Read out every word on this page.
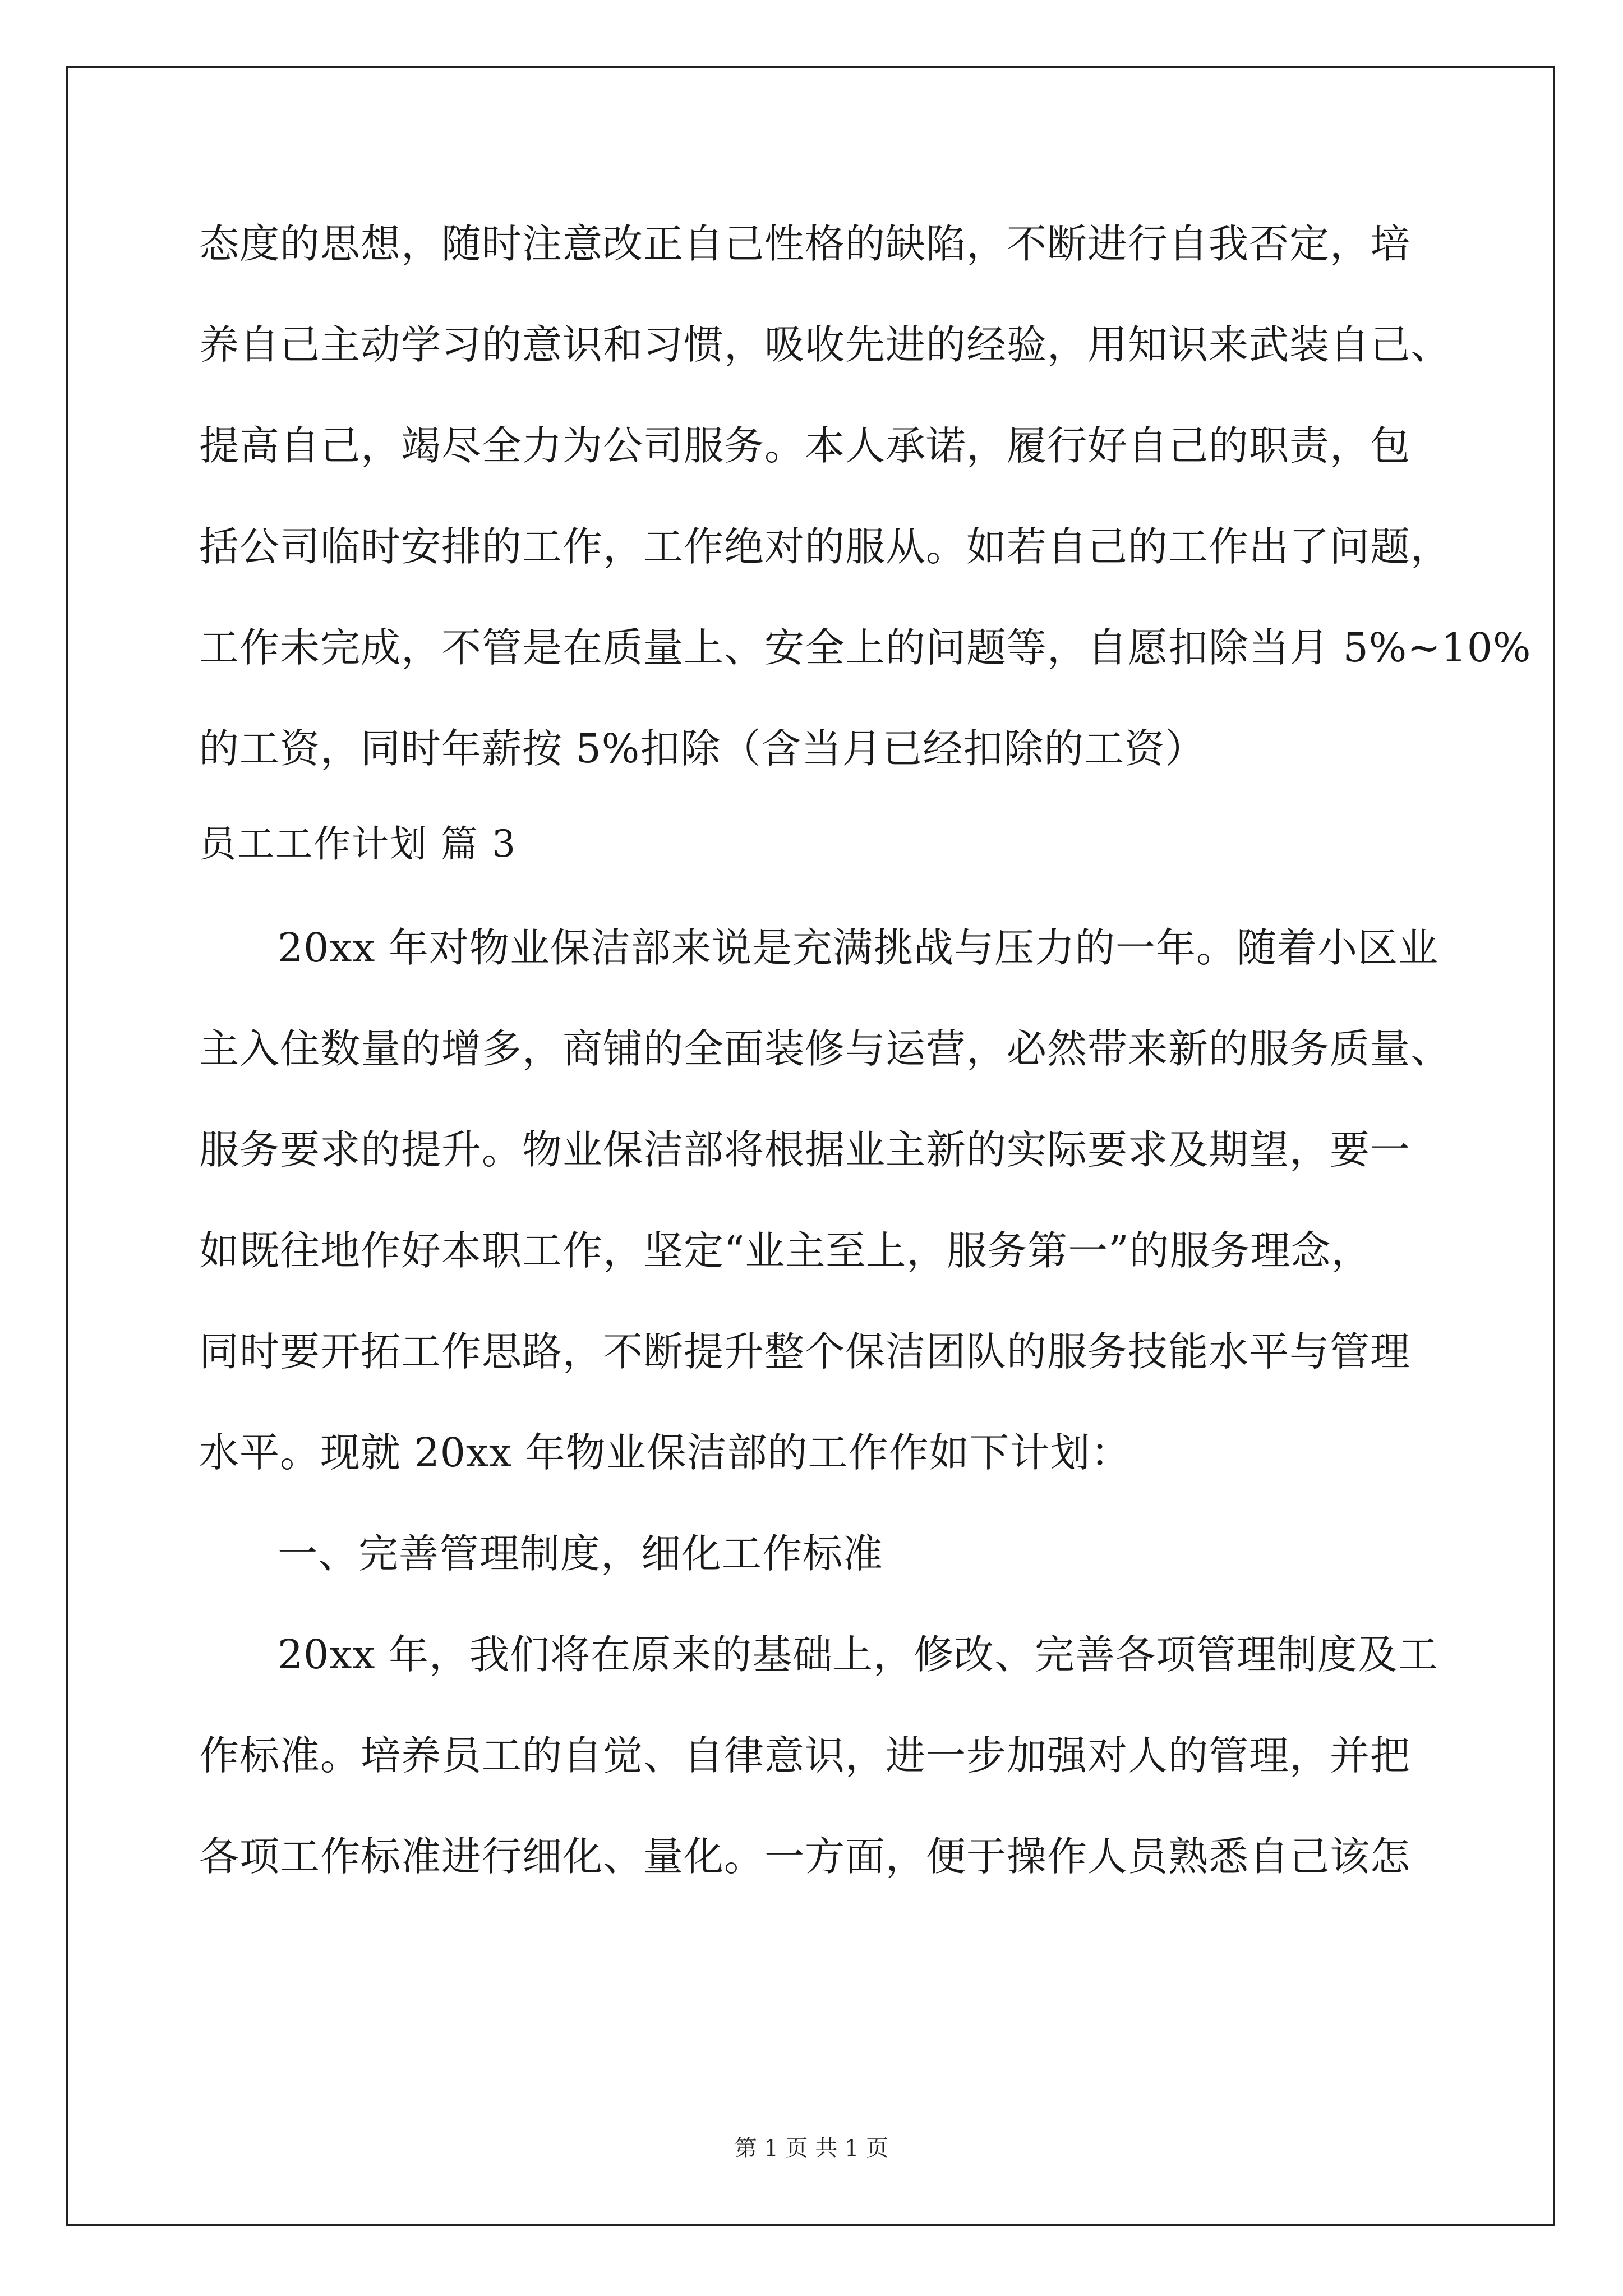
态度的思想，随时注意改正自己性格的缺陷，不断进行自我否定，培
养自己主动学习的意识和习惯，吸收先进的经验，用知识来武装自己、
提高自己，竭尽全力为公司服务。本人承诺，履行好自己的职责，包
括公司临时安排的工作，工作绝对的服从。如若自己的工作出了问题，
工作未完成，不管是在质量上、安全上的问题等，自愿扣除当月 5%~10%
的工资，同时年薪按 5%扣除（含当月已经扣除的工资）
员工工作计划 篇 3
20xx 年对物业保洁部来说是充满挑战与压力的一年。随着小区业
主入住数量的增多，商铺的全面装修与运营，必然带来新的服务质量、
服务要求的提升。物业保洁部将根据业主新的实际要求及期望，要一
如既往地作好本职工作，坚定“业主至上，服务第一”的服务理念，
同时要开拓工作思路，不断提升整个保洁团队的服务技能水平与管理
水平。现就 20xx 年物业保洁部的工作作如下计划：
一、完善管理制度，细化工作标准
20xx 年，我们将在原来的基础上，修改、完善各项管理制度及工
作标准。培养员工的自觉、自律意识，进一步加强对人的管理，并把
各项工作标准进行细化、量化。一方面，便于操作人员熟悉自己该怎
第 1 页 共 1 页
